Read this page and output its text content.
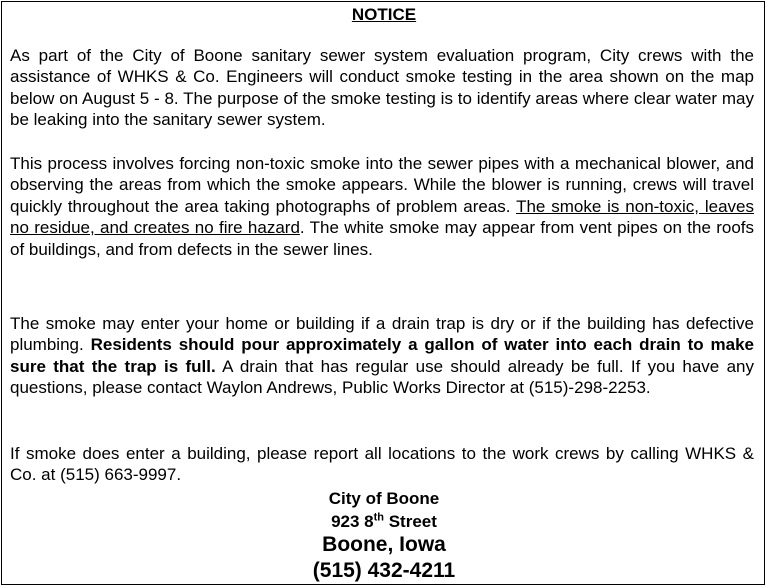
NOTICE

As part of the City of Boone sanitary sewer system evaluation program, City crews with the assistance of WHKS & Co. Engineers will conduct smoke testing in the area shown on the map below on August 5 - 8. The purpose of the smoke testing is to identify areas where clear water may be leaking into the sanitary sewer system.

This process involves forcing non-toxic smoke into the sewer pipes with a mechanical blower, and observing the areas from which the smoke appears. While the blower is running, crews will travel quickly throughout the area taking photographs of problem areas. The smoke is non-toxic, leaves no residue, and creates no fire hazard. The white smoke may appear from vent pipes on the roofs of buildings, and from defects in the sewer lines.

The smoke may enter your home or building if a drain trap is dry or if the building has defective plumbing. Residents should pour approximately a gallon of water into each drain to make sure that the trap is full. A drain that has regular use should already be full. If you have any questions, please contact Waylon Andrews, Public Works Director at (515)-298-2253.

If smoke does enter a building, please report all locations to the work crews by calling WHKS & Co. at (515) 663-9997.

City of Boone
923 8th Street
Boone, Iowa
(515) 432-4211
